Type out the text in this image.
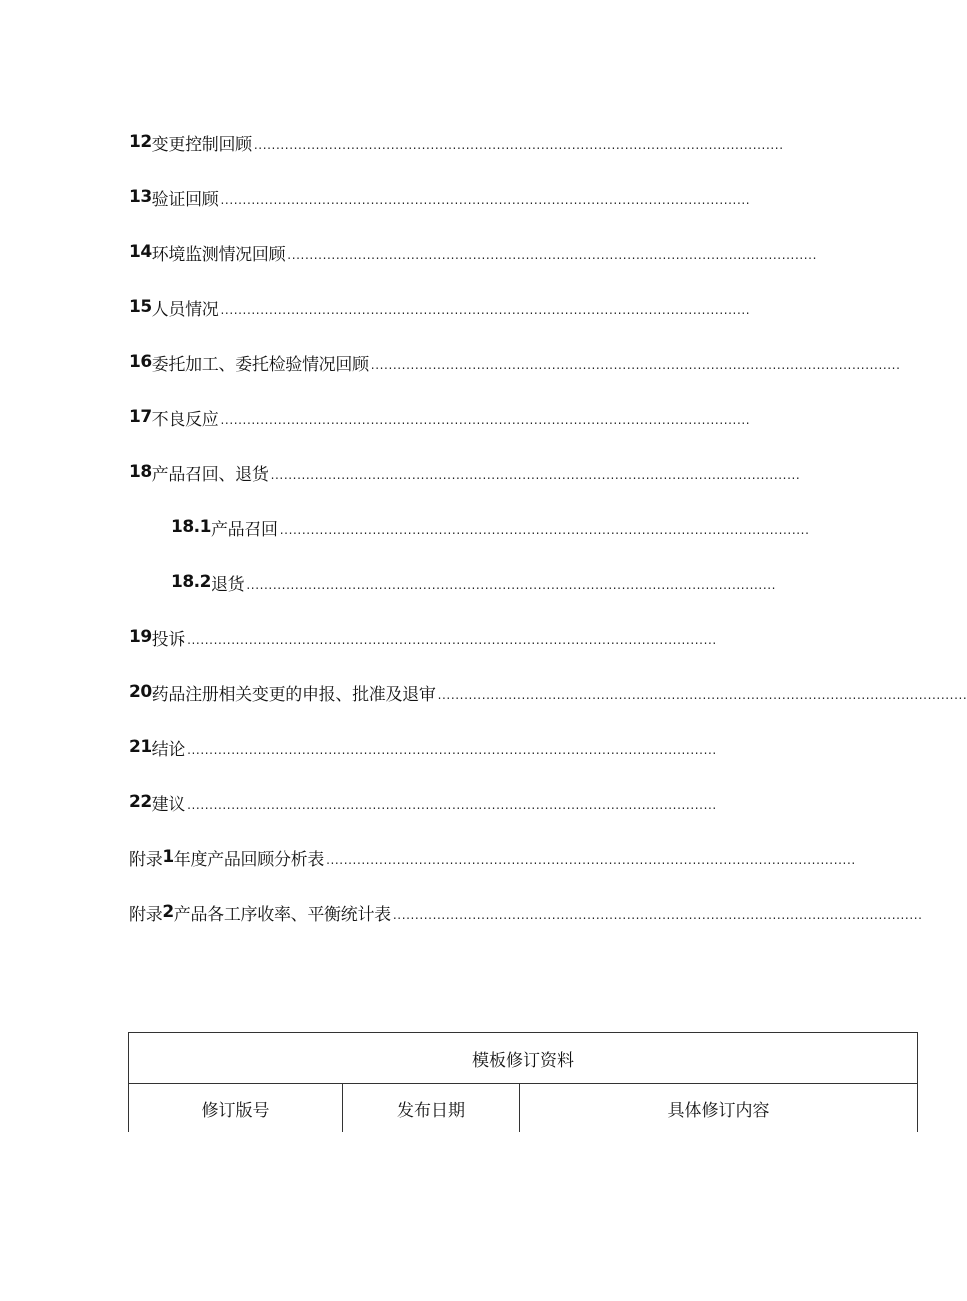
12 变更控制回顾 ........................................................................................................................
13 验证回顾 ........................................................................................................................
14 环境监测情况回顾 ........................................................................................................................
15 人员情况 ........................................................................................................................
16 委托加工、委托检验情况回顾 ........................................................................................................................
17 不良反应 ........................................................................................................................
18 产品召回、退货 ........................................................................................................................
18.1 产品召回 ........................................................................................................................
18.2 退货 ........................................................................................................................
19 投诉 ........................................................................................................................
20 药品注册相关变更的申报、批准及退审 ........................................................................................................................
21 结论 ........................................................................................................................
22 建议 ........................................................................................................................
附录 1 年度产品回顾分析表 ........................................................................................................................
附录 2 产品各工序收率、平衡统计表 ........................................................................................................................
模板修订资料
修订版号	发布日期	具体修订内容
